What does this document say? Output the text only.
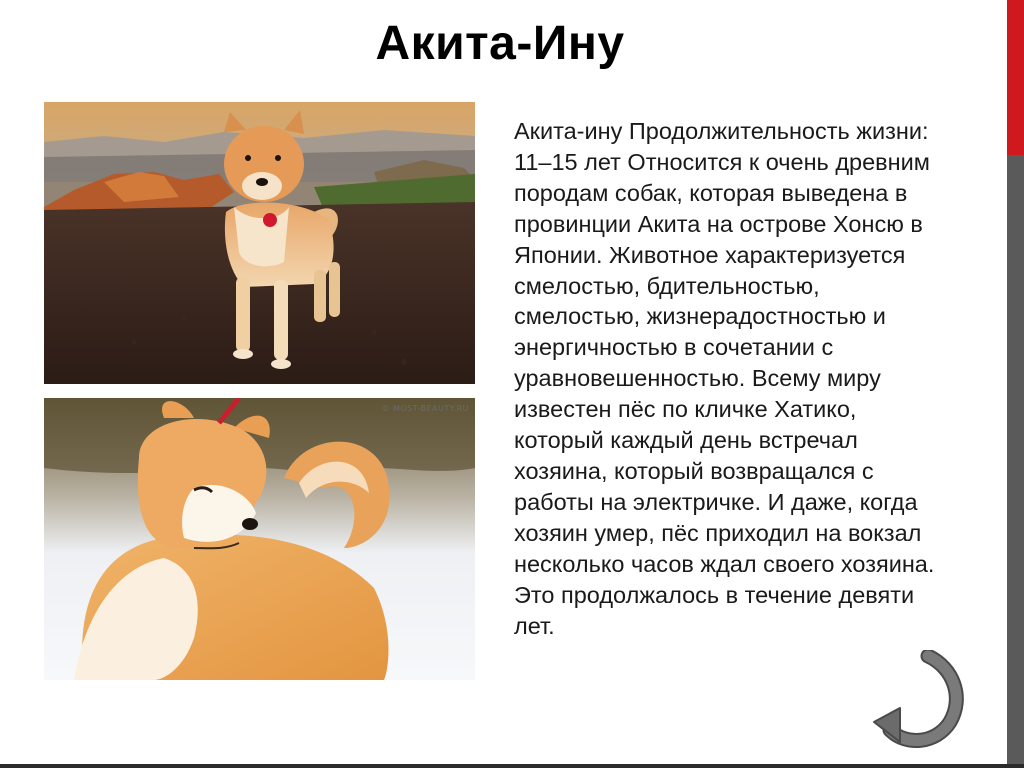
Акита-Ину
© MOST-BEAUTY.RU

Акита-ину Продолжительность жизни:
11–15 лет Относится к очень древним
породам собак, которая выведена в
провинции Акита на острове Хонсю в
Японии. Животное характеризуется
смелостью, бдительностью,
смелостью, жизнерадостностью и
энергичностью в сочетании с
уравновешенностью. Всему миру
известен пёс по кличке Хатико,
который каждый день встречал
хозяина, который возвращался с
работы на электричке. И даже, когда
хозяин умер, пёс приходил на вокзал
несколько часов ждал своего хозяина.
Это продолжалось в течение девяти
лет.
